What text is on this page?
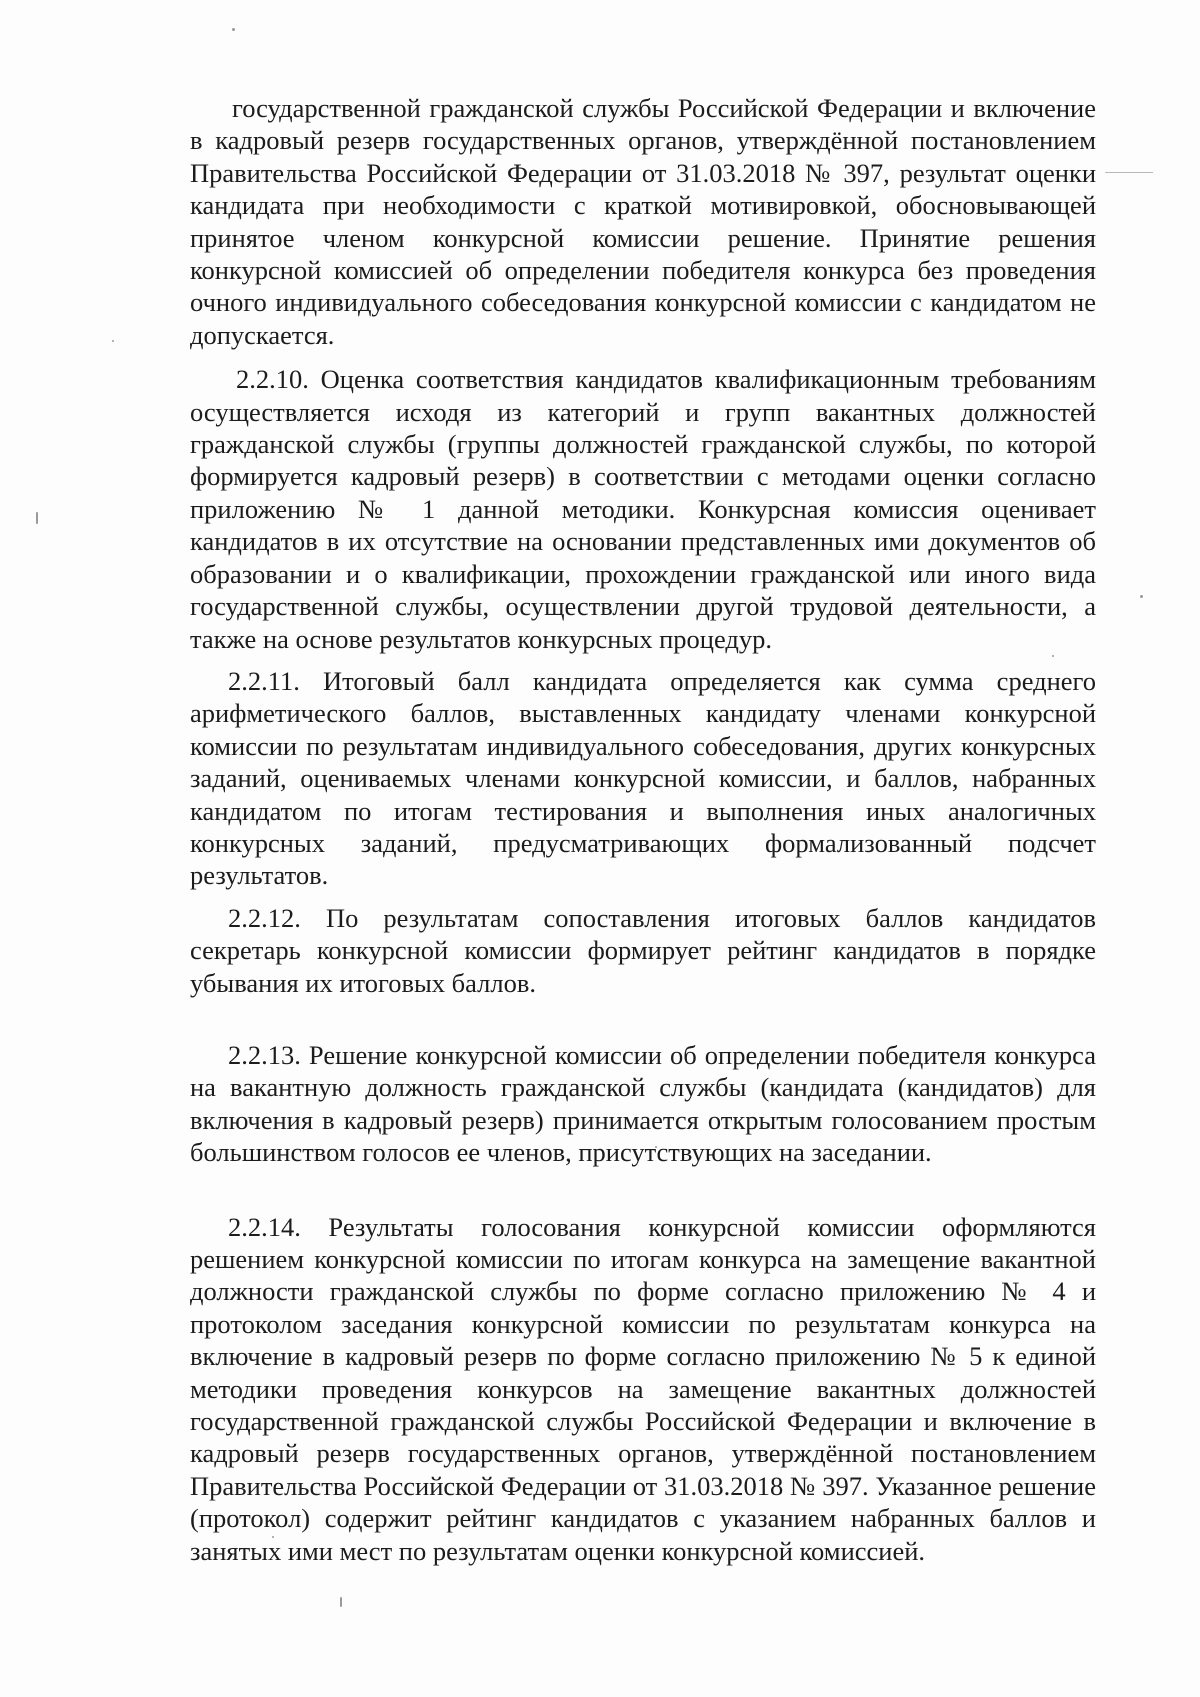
государственной гражданской службы Российской Федерации и включение в кадровый резерв государственных органов, утверждённой постановлением Правительства Российской Федерации от 31.03.2018 № 397, результат оценки кандидата при необходимости с краткой мотивировкой, обосновывающей принятое членом конкурсной комиссии решение. Принятие решения конкурсной комиссией об определении победителя конкурса без проведения очного индивидуального собеседования конкурсной комиссии с кандидатом не допускается.

2.2.10. Оценка соответствия кандидатов квалификационным требованиям осуществляется исходя из категорий и групп вакантных должностей гражданской службы (группы должностей гражданской службы, по которой формируется кадровый резерв) в соответствии с методами оценки согласно приложению № 1 данной методики. Конкурсная комиссия оценивает кандидатов в их отсутствие на основании представленных ими документов об образовании и о квалификации, прохождении гражданской или иного вида государственной службы, осуществлении другой трудовой деятельности, а также на основе результатов конкурсных процедур.

2.2.11. Итоговый балл кандидата определяется как сумма среднего арифметического баллов, выставленных кандидату членами конкурсной комиссии по результатам индивидуального собеседования, других конкурсных заданий, оцениваемых членами конкурсной комиссии, и баллов, набранных кандидатом по итогам тестирования и выполнения иных аналогичных конкурсных заданий, предусматривающих формализованный подсчет результатов.

2.2.12. По результатам сопоставления итоговых баллов кандидатов секретарь конкурсной комиссии формирует рейтинг кандидатов в порядке убывания их итоговых баллов.

2.2.13. Решение конкурсной комиссии об определении победителя конкурса на вакантную должность гражданской службы (кандидата (кандидатов) для включения в кадровый резерв) принимается открытым голосованием простым большинством голосов ее членов, присутствующих на заседании.

2.2.14. Результаты голосования конкурсной комиссии оформляются решением конкурсной комиссии по итогам конкурса на замещение вакантной должности гражданской службы по форме согласно приложению № 4 и протоколом заседания конкурсной комиссии по результатам конкурса на включение в кадровый резерв по форме согласно приложению № 5 к единой методики проведения конкурсов на замещение вакантных должностей государственной гражданской службы Российской Федерации и включение в кадровый резерв государственных органов, утверждённой постановлением Правительства Российской Федерации от 31.03.2018 № 397. Указанное решение (протокол) содержит рейтинг кандидатов с указанием набранных баллов и занятых ими мест по результатам оценки конкурсной комиссией.
